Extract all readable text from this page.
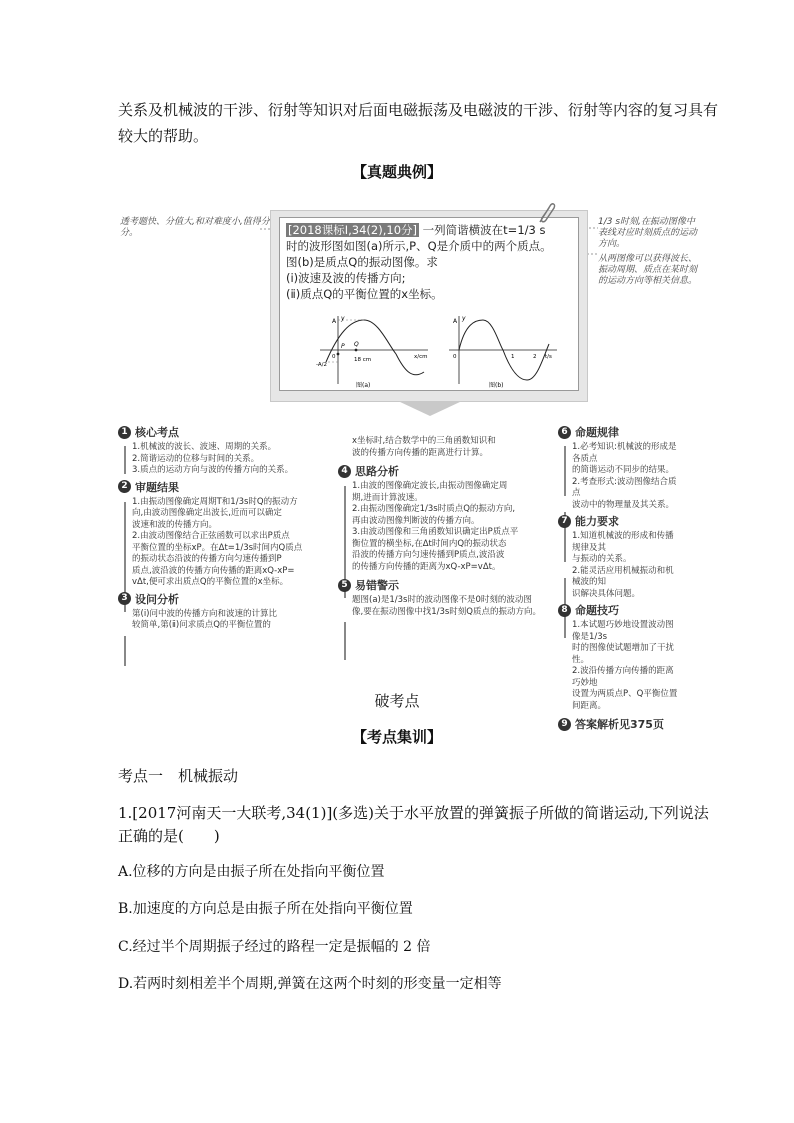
关系及机械波的干涉、衍射等知识对后面电磁振荡及电磁波的干涉、衍射等内容的复习具有
较大的帮助。
【真题典例】
透考题快、分值大,和对难度小,值得分分。
1/3 s时刻,在振动图像中表线对应时刻质点的运动方向。
从两图像可以获得波长、振动周期、质点在某时刻的运动方向等相关信息。
[2018课标Ⅰ,34(2),10分] 一列简谐横波在t=1/3 s
时的波形图如图(a)所示,P、Q是介质中的两个质点。
图(b)是质点Q的振动图像。求
(ⅰ)波速及波的传播方向;
(ⅱ)质点Q的平衡位置的x坐标。
A
-A/2
P Q
0	18 cm	x/cm
y
图(a)
A
0	1	2 t/s
y
图(b)
1 核心考点
1.机械波的波长、波速、周期的关系。
2.简谐运动的位移与时间的关系。
3.质点的运动方向与波的传播方向的关系。
2 审题结果
1.由振动图像确定周期T和1/3s时Q的振动方
向,由波动图像确定出波长,近而可以确定
波速和波的传播方向。
2.由波动图像结合正弦函数可以求出P质点
平衡位置的坐标xP。在Δt=1/3s时间内Q质点
的振动状态沿波的传播方向匀速传播到P
质点,波沿波的传播方向传播的距离xQ-xP=
vΔt,便可求出质点Q的平衡位置的x坐标。
3 设问分析
第(ⅰ)问中波的传播方向和波速的计算比
较简单,第(ⅱ)问求质点Q的平衡位置的
x坐标时,结合数学中的三角函数知识和
波的传播方向传播的距离进行计算。
4 思路分析
1.由波的图像确定波长,由振动图像确定周
期,进而计算波速。
2.由振动图像确定1/3s时质点Q的振动方向,
再由波动图像判断波的传播方向。
3.由波动图像和三角函数知识确定出P质点平
衡位置的横坐标,在Δt时间内Q的振动状态
沿波的传播方向匀速传播到P质点,波沿波
的传播方向传播的距离为xQ-xP=vΔt。
5 易错警示
题图(a)是1/3s时的波动图像不是0时刻的波动图
像,要在振动图像中找1/3s时刻Q质点的振动方向。
6 命题规律
1.必考知识:机械波的形成是各质点
的简谐运动不同步的结果。
2.考查形式:波动图像结合质点
波动中的物理量及其关系。
7 能力要求
1.知道机械波的形成和传播规律及其
与振动的关系。
2.能灵活应用机械振动和机械波的知
识解决具体问题。
8 命题技巧
1.本试题巧妙地设置波动图像是1/3s
时的图像使试题增加了干扰性。
2.波沿传播方向传播的距离巧妙地
设置为两质点P、Q平衡位置间距离。
9 答案解析见375页
破考点
【考点集训】
考点一　机械振动
1.[2017河南天一大联考,34(1)](多选)关于水平放置的弹簧振子所做的简谐运动,下列说法
正确的是(　　)
A.位移的方向是由振子所在处指向平衡位置
B.加速度的方向总是由振子所在处指向平衡位置
C.经过半个周期振子经过的路程一定是振幅的 2 倍
D.若两时刻相差半个周期,弹簧在这两个时刻的形变量一定相等
